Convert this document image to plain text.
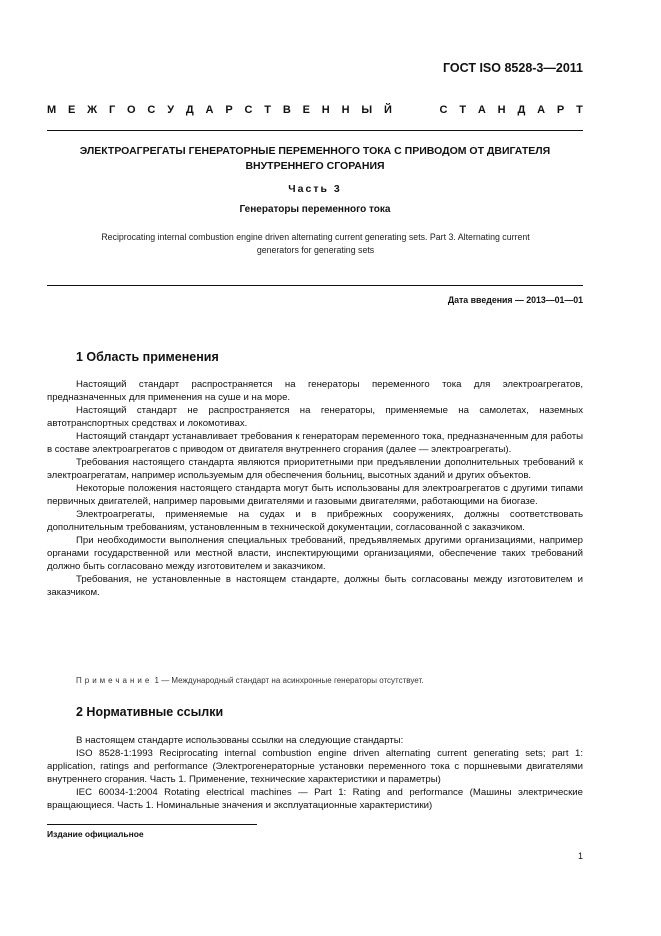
ГОСТ ISO 8528-3—2011
М Е Ж Г О С У Д А Р С Т В Е Н Н Ы Й	С Т А Н Д А Р Т
ЭЛЕКТРОАГРЕГАТЫ ГЕНЕРАТОРНЫЕ ПЕРЕМЕННОГО ТОКА С ПРИВОДОМ ОТ ДВИГАТЕЛЯ
ВНУТРЕННЕГО СГОРАНИЯ
Часть 3
Генераторы переменного тока
Reciprocating internal combustion engine driven alternating current generating sets. Part 3. Alternating current
generators for generating sets
Дата введения — 2013—01—01
1 Область применения

Настоящий стандарт распространяется на генераторы переменного тока для электроагрегатов, предназначенных для применения на суше и на море.

Настоящий стандарт не распространяется на генераторы, применяемые на самолетах, наземных автотранспортных средствах и локомотивах.

Настоящий стандарт устанавливает требования к генераторам переменного тока, предназначенным для работы в составе электроагрегатов с приводом от двигателя внутреннего сгорания (далее — электроагрегаты).

Требования настоящего стандарта являются приоритетными при предъявлении дополнительных требований к электроагрегатам, например используемым для обеспечения больниц, высотных зданий и других объектов.

Некоторые положения настоящего стандарта могут быть использованы для электроагрегатов с другими типами первичных двигателей, например паровыми двигателями и газовыми двигателями, работающими на биогазе.

Электроагрегаты, применяемые на судах и в прибрежных сооружениях, должны соответствовать дополнительным требованиям, установленным в технической документации, согласованной с заказчиком.

При необходимости выполнения специальных требований, предъявляемых другими организациями, например органами государственной или местной власти, инспектирующими организациями, обеспечение таких требований должно быть согласовано между изготовителем и заказчиком.

Требования, не установленные в настоящем стандарте, должны быть согласованы между изготовителем и заказчиком.

Примечание 1 — Международный стандарт на асинхронные генераторы отсутствует.
2 Нормативные ссылки

В настоящем стандарте использованы ссылки на следующие стандарты:

ISO 8528-1:1993 Reciprocating internal combustion engine driven alternating current generating sets; part 1: application, ratings and performance (Электрогенераторные установки переменного тока с поршневыми двигателями внутреннего сгорания. Часть 1. Применение, технические характеристики и параметры)

IEC 60034-1:2004 Rotating electrical machines — Part 1: Rating and performance (Машины электрические вращающиеся. Часть 1. Номинальные значения и эксплуатационные характеристики)

Издание официальное
1
